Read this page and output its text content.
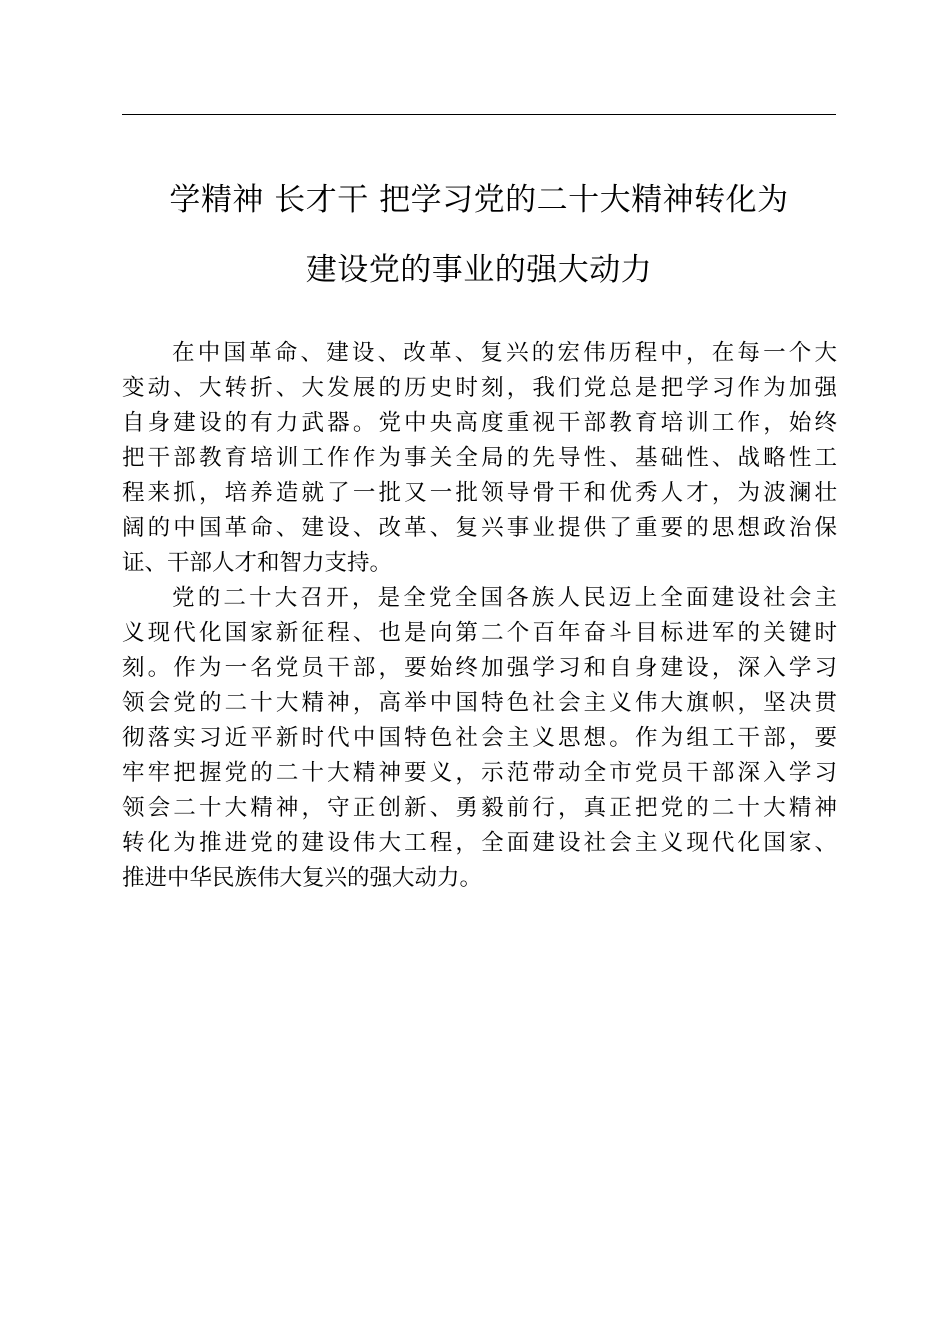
学精神 长才干 把学习党的二十大精神转化为
建设党的事业的强大动力
在中国革命、建设、改革、复兴的宏伟历程中，在每一个大
变动、大转折、大发展的历史时刻，我们党总是把学习作为加强
自身建设的有力武器。党中央高度重视干部教育培训工作，始终
把干部教育培训工作作为事关全局的先导性、基础性、战略性工
程来抓，培养造就了一批又一批领导骨干和优秀人才，为波澜壮
阔的中国革命、建设、改革、复兴事业提供了重要的思想政治保
证、干部人才和智力支持。
党的二十大召开，是全党全国各族人民迈上全面建设社会主
义现代化国家新征程、也是向第二个百年奋斗目标进军的关键时
刻。作为一名党员干部，要始终加强学习和自身建设，深入学习
领会党的二十大精神，高举中国特色社会主义伟大旗帜，坚决贯
彻落实习近平新时代中国特色社会主义思想。作为组工干部，要
牢牢把握党的二十大精神要义，示范带动全市党员干部深入学习
领会二十大精神，守正创新、勇毅前行，真正把党的二十大精神
转化为推进党的建设伟大工程，全面建设社会主义现代化国家、
推进中华民族伟大复兴的强大动力。
